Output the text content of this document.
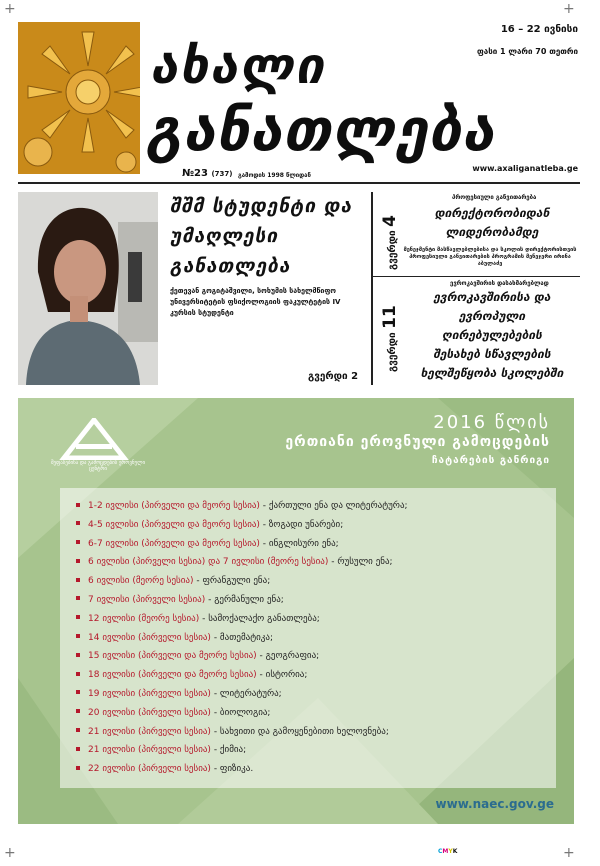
+	+
+	+
ახალი
განათლება
16 – 22 ივნისი
ფასი 1 ლარი 70 თეთრი
www.axaliganatleba.ge
№23 (737) გამოდის 1998 წლიდან
შშმ სტუდენტი და უმაღლესი განათლება
ქეთევან გოგიტაშვილი, სოხუმის სახელმწიფო უნივერსიტეტის ფსიქოლოგიის ფაკულტეტის IV კურსის სტუდენტი
გვერდი 2
გვერდი 4
პროფესიული განვითარება
დირექტორობიდან
ლიდერობამდე
მენეჯმენტი მასწავლებლებისა და სკოლის დირექტორისთვის პროფესიული განვითარების პროგრამის მენეჯერი ირინა აბულაძე
გვერდი 11
ევროკავშირის დასახმარებლად
ევროკავშირისა და
ევროპული
ღირებულებების
შესახებ სწავლების
ხელშეწყობა სკოლებში
შეფასებისა და გამოცდების ეროვნული ცენტრი
2016 წლის
ერთიანი ეროვნული გამოცდების
ჩატარების განრიგი
1-2 ივლისი (პირველი და მეორე სესია) - ქართული ენა და ლიტერატურა;
4-5 ივლისი (პირველი და მეორე სესია) - ზოგადი უნარები;
6-7 ივლისი (პირველი და მეორე სესია) - ინგლისური ენა;
6 ივლისი (პირველი სესია) და 7 ივლისი (მეორე სესია) - რუსული ენა;
6 ივლისი (მეორე სესია) - ფრანგული ენა;
7 ივლისი (პირველი სესია) - გერმანული ენა;
12 ივლისი (მეორე სესია) - სამოქალაქო განათლება;
14 ივლისი (პირველი სესია) - მათემატიკა;
15 ივლისი (პირველი და მეორე სესია) - გეოგრაფია;
18 ივლისი (პირველი და მეორე სესია) - ისტორია;
19 ივლისი (პირველი სესია) - ლიტერატურა;
20 ივლისი (პირველი სესია) - ბიოლოგია;
21 ივლისი (პირველი სესია) - სახვითი და გამოყენებითი ხელოვნება;
21 ივლისი (პირველი სესია) - ქიმია;
22 ივლისი (პირველი სესია) - ფიზიკა.
www.naec.gov.ge
CMYK
